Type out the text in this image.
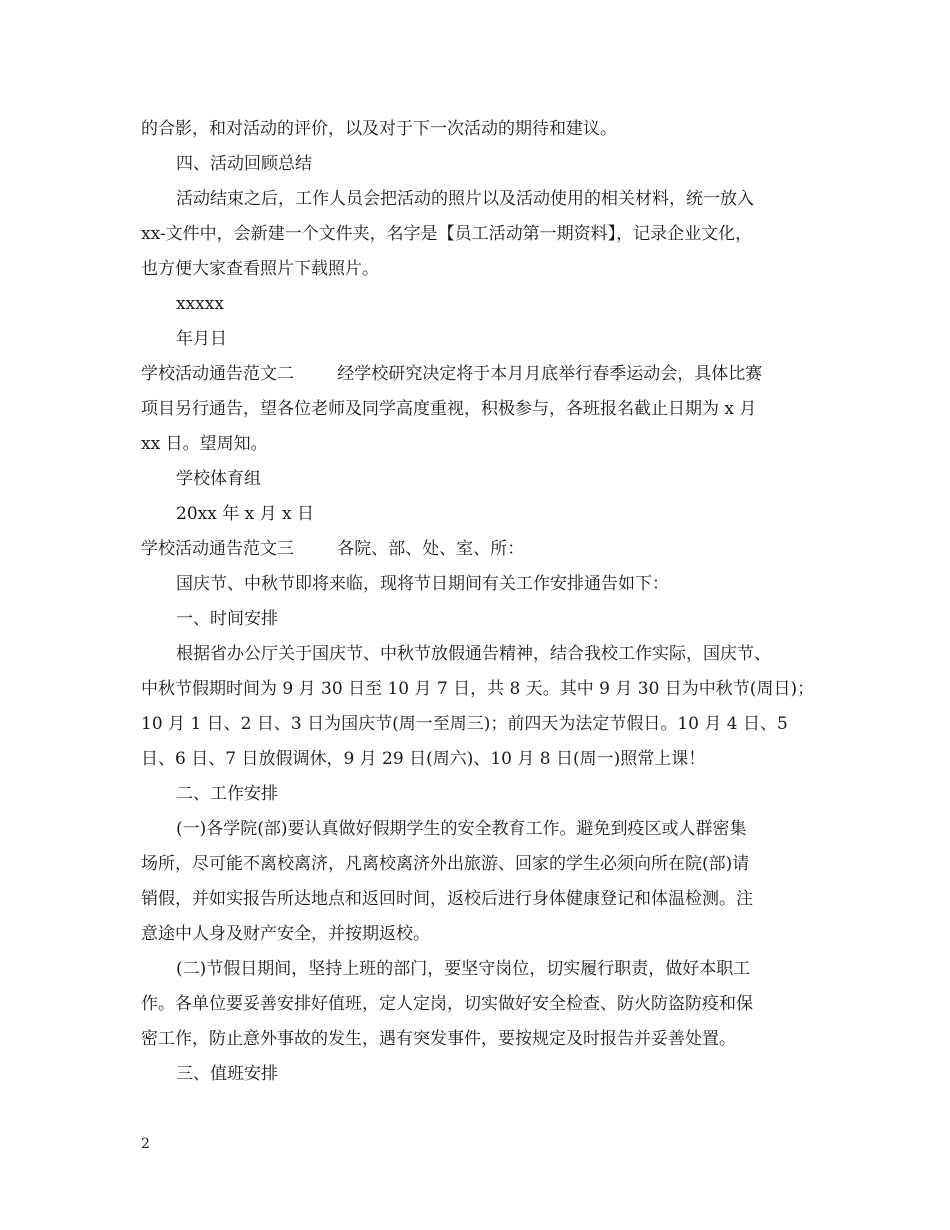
的合影，和对活动的评价，以及对于下一次活动的期待和建议。
四、活动回顾总结
活动结束之后，工作人员会把活动的照片以及活动使用的相关材料，统一放入
xx-文件中，会新建一个文件夹，名字是【员工活动第一期资料】，记录企业文化，
也方便大家查看照片下载照片。
xxxxx
年月日
学校活动通告范文二        经学校研究决定将于本月月底举行春季运动会，具体比赛
项目另行通告，望各位老师及同学高度重视，积极参与，各班报名截止日期为 x 月
xx 日。望周知。
学校体育组
20xx 年 x 月 x 日
学校活动通告范文三        各院、部、处、室、所：
国庆节、中秋节即将来临，现将节日期间有关工作安排通告如下：
一、时间安排
根据省办公厅关于国庆节、中秋节放假通告精神，结合我校工作实际，国庆节、
中秋节假期时间为 9 月 30 日至 10 月 7 日，共 8 天。其中 9 月 30 日为中秋节(周日)；
10 月 1 日、2 日、3 日为国庆节(周一至周三)；前四天为法定节假日。10 月 4 日、5
日、6 日、7 日放假调休，9 月 29 日(周六)、10 月 8 日(周一)照常上课！
二、工作安排
(一)各学院(部)要认真做好假期学生的安全教育工作。避免到疫区或人群密集
场所，尽可能不离校离济，凡离校离济外出旅游、回家的学生必须向所在院(部)请
销假，并如实报告所达地点和返回时间，返校后进行身体健康登记和体温检测。注
意途中人身及财产安全，并按期返校。
(二)节假日期间，坚持上班的部门，要坚守岗位，切实履行职责，做好本职工
作。各单位要妥善安排好值班，定人定岗，切实做好安全检查、防火防盗防疫和保
密工作，防止意外事故的发生，遇有突发事件，要按规定及时报告并妥善处置。
三、值班安排
2
